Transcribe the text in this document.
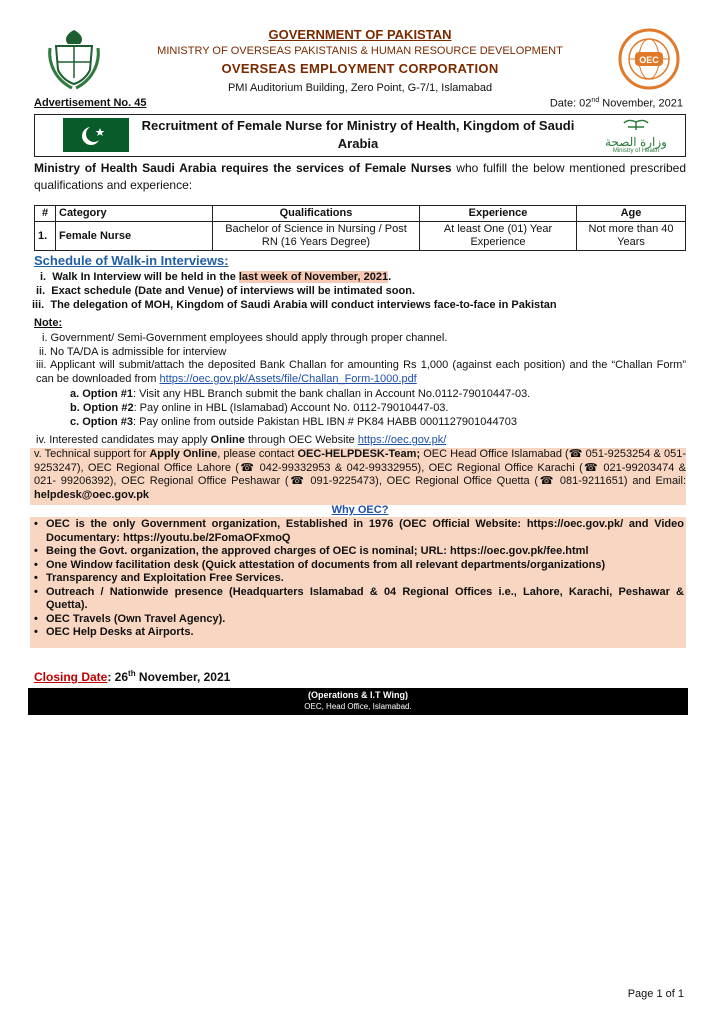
OEC
GOVERNMENT OF PAKISTAN
MINISTRY OF OVERSEAS PAKISTANIS & HUMAN RESOURCE DEVELOPMENT
OVERSEAS EMPLOYMENT CORPORATION
PMI Auditorium Building, Zero Point, G-7/1, Islamabad
Advertisement No. 45	Date: 02nd November, 2021
Recruitment of Female Nurse for Ministry of Health, Kingdom of Saudi Arabia	وزارة الصحة
Ministry of Health
Ministry of Health Saudi Arabia requires the services of Female Nurses who fulfill the below mentioned prescribed qualifications and experience:
#	Category	Qualifications	Experience	Age
1.	Female Nurse	Bachelor of Science in Nursing / Post RN (16 Years Degree)	At least One (01) Year Experience	Not more than 40 Years
Schedule of Walk-in Interviews:
i. Walk In Interview will be held in the last week of November, 2021.
ii. Exact schedule (Date and Venue) of interviews will be intimated soon.
iii. The delegation of MOH, Kingdom of Saudi Arabia will conduct interviews face-to-face in Pakistan
Note:
i. Government/ Semi-Government employees should apply through proper channel.
ii. No TA/DA is admissible for interview
iii. Applicant will submit/attach the deposited Bank Challan for amounting Rs 1,000 (against each position) and the “Challan Form” can be downloaded from https://oec.gov.pk/Assets/file/Challan_Form-1000.pdf
a. Option #1: Visit any HBL Branch submit the bank challan in Account No.0112-79010447-03.
b. Option #2: Pay online in HBL (Islamabad) Account No. 0112-79010447-03.
c. Option #3: Pay online from outside Pakistan HBL IBN # PK84 HABB 0001127901044703
iv. Interested candidates may apply Online through OEC Website https://oec.gov.pk/
v. Technical support for Apply Online, please contact OEC-HELPDESK-Team; OEC Head Office Islamabad (☎ 051-9253254 & 051-9253247), OEC Regional Office Lahore (☎ 042-99332953 & 042-99332955), OEC Regional Office Karachi (☎ 021-99203474 & 021- 99206392), OEC Regional Office Peshawar (☎ 091-9225473), OEC Regional Office Quetta (☎ 081-9211651) and Email: helpdesk@oec.gov.pk
Why OEC?
• OEC is the only Government organization, Established in 1976 (OEC Official Website: https://oec.gov.pk/ and Video Documentary: https://youtu.be/2FomaOFxmoQ
• Being the Govt. organization, the approved charges of OEC is nominal; URL: https://oec.gov.pk/fee.html
• One Window facilitation desk (Quick attestation of documents from all relevant departments/organizations)
• Transparency and Exploitation Free Services.
• Outreach / Nationwide presence (Headquarters Islamabad & 04 Regional Offices i.e., Lahore, Karachi, Peshawar & Quetta).
• OEC Travels (Own Travel Agency).
• OEC Help Desks at Airports.
Closing Date: 26th November, 2021
(Operations & I.T Wing)
OEC, Head Office, Islamabad.
Page 1 of 1
